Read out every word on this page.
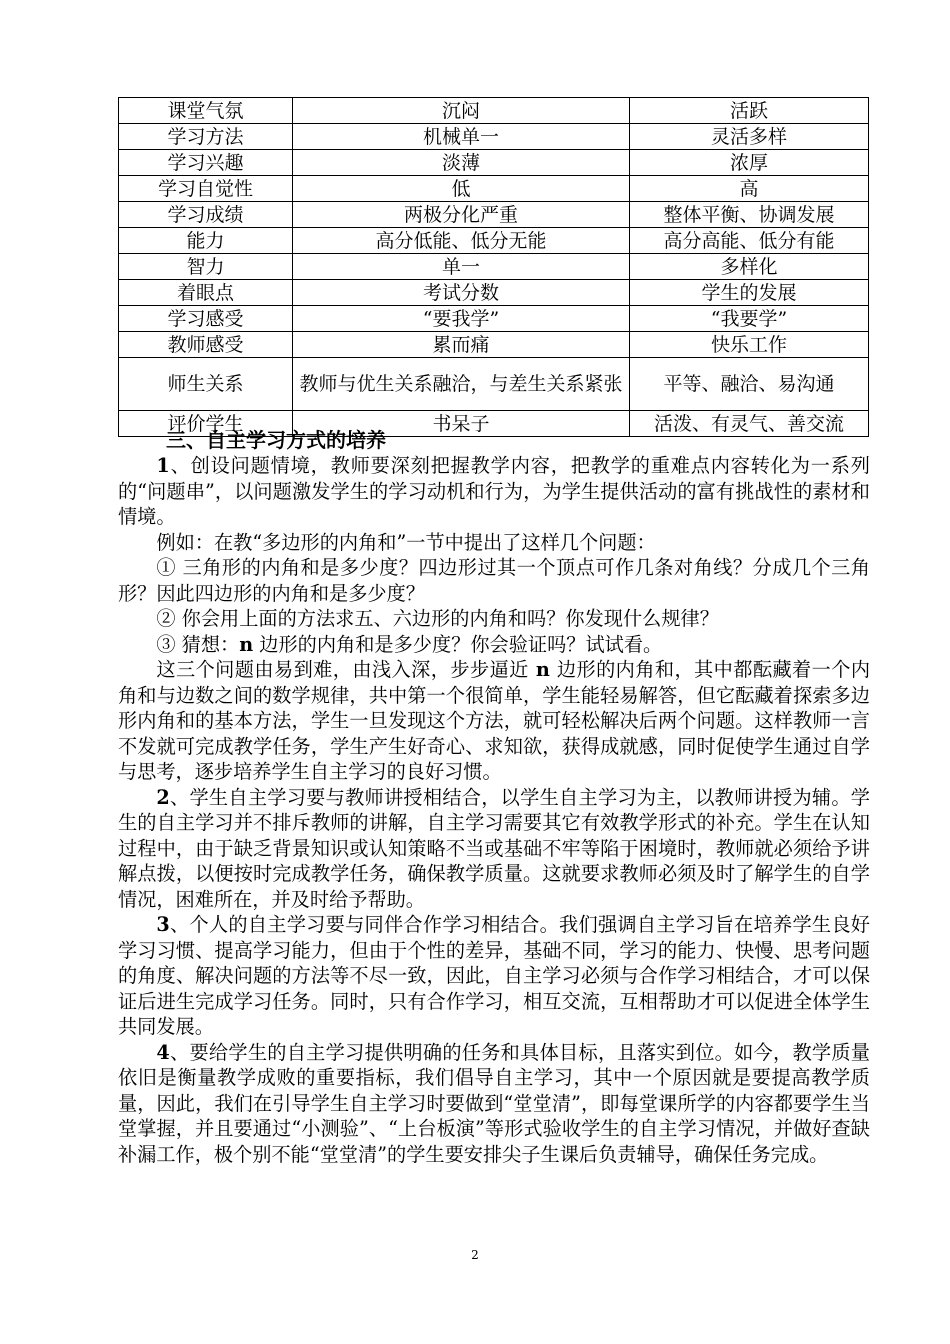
课堂气氛	沉闷	活跃
学习方法	机械单一	灵活多样
学习兴趣	淡薄	浓厚
学习自觉性	低	高
学习成绩	两极分化严重	整体平衡、协调发展
能力	高分低能、低分无能	高分高能、低分有能
智力	单一	多样化
着眼点	考试分数	学生的发展
学习感受	“要我学”	“我要学”
教师感受	累而痛	快乐工作
师生关系	教师与优生关系融洽，与差生关系紧张	平等、融洽、易沟通
评价学生	书呆子	活泼、有灵气、善交流
三、自主学习方式的培养

1、创设问题情境，教师要深刻把握教学内容，把教学的重难点内容转化为一系列的“问题串”，以问题激发学生的学习动机和行为，为学生提供活动的富有挑战性的素材和情境。

例如：在教“多边形的内角和”一节中提出了这样几个问题：

① 三角形的内角和是多少度？四边形过其一个顶点可作几条对角线？分成几个三角形？因此四边形的内角和是多少度？

② 你会用上面的方法求五、六边形的内角和吗？你发现什么规律？

③ 猜想：n 边形的内角和是多少度？你会验证吗？试试看。

这三个问题由易到难，由浅入深，步步逼近 n 边形的内角和，其中都酝藏着一个内角和与边数之间的数学规律，共中第一个很简单，学生能轻易解答，但它酝藏着探索多边形内角和的基本方法，学生一旦发现这个方法，就可轻松解决后两个问题。这样教师一言不发就可完成教学任务，学生产生好奇心、求知欲，获得成就感，同时促使学生通过自学与思考，逐步培养学生自主学习的良好习惯。

2、学生自主学习要与教师讲授相结合，以学生自主学习为主，以教师讲授为辅。学生的自主学习并不排斥教师的讲解，自主学习需要其它有效教学形式的补充。学生在认知过程中，由于缺乏背景知识或认知策略不当或基础不牢等陷于困境时，教师就必须给予讲解点拨，以便按时完成教学任务，确保教学质量。这就要求教师必须及时了解学生的自学情况，困难所在，并及时给予帮助。

3、个人的自主学习要与同伴合作学习相结合。我们强调自主学习旨在培养学生良好学习习惯、提高学习能力，但由于个性的差异，基础不同，学习的能力、快慢、思考问题的角度、解决问题的方法等不尽一致，因此，自主学习必须与合作学习相结合，才可以保证后进生完成学习任务。同时，只有合作学习，相互交流，互相帮助才可以促进全体学生共同发展。

4、要给学生的自主学习提供明确的任务和具体目标，且落实到位。如今，教学质量依旧是衡量教学成败的重要指标，我们倡导自主学习，其中一个原因就是要提高教学质量，因此，我们在引导学生自主学习时要做到“堂堂清”，即每堂课所学的内容都要学生当堂掌握，并且要通过“小测验”、“上台板演”等形式验收学生的自主学习情况，并做好查缺补漏工作，极个别不能“堂堂清”的学生要安排尖子生课后负责辅导，确保任务完成。

2
